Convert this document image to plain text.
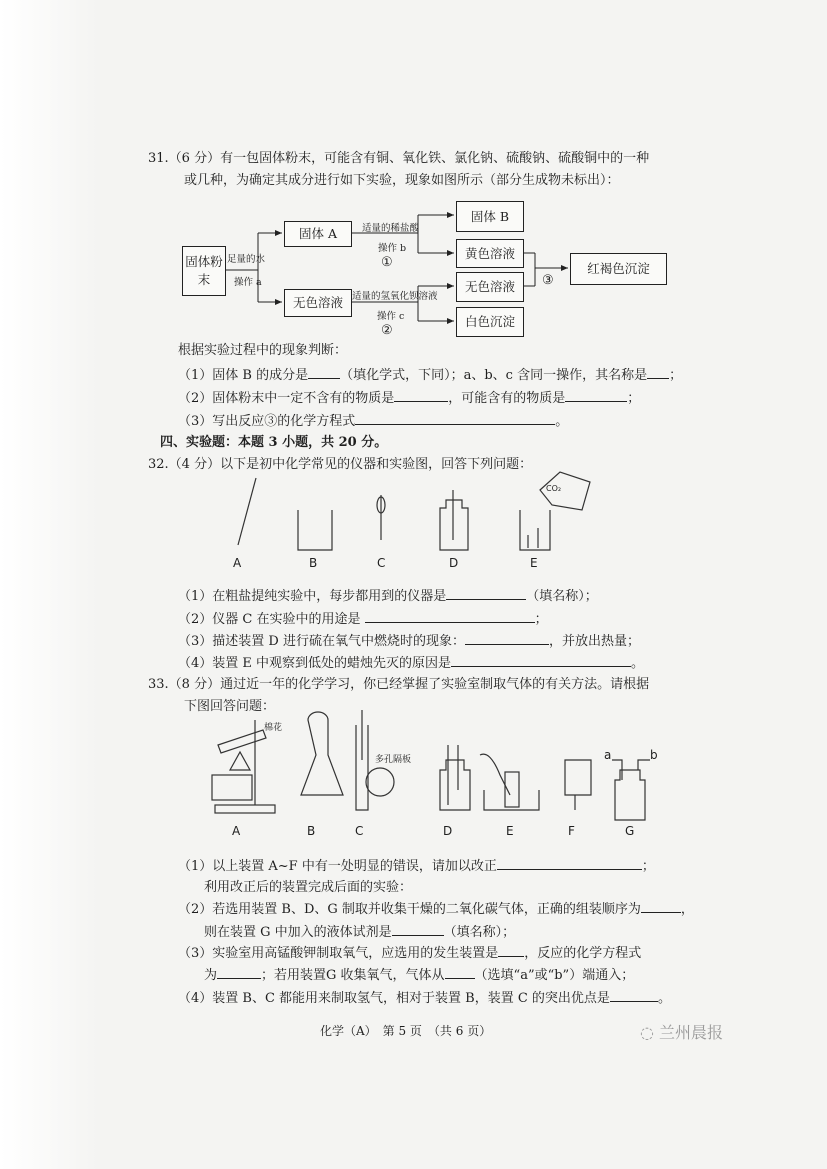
31.（6 分）有一包固体粉末，可能含有铜、氧化铁、氯化钠、硫酸钠、硫酸铜中的一种
或几种，为确定其成分进行如下实验，现象如图所示（部分生成物未标出）：
固体粉末
足量的水
操作 a
固体 A
无色溶液
适量的稀盐酸
操作 b
①
适量的氢氧化钡溶液
操作 c
②
固体 B
黄色溶液
无色溶液
白色沉淀
③
红褐色沉淀
根据实验过程中的现象判断：
（1）固体 B 的成分是 （填化学式，下同）；a、b、c 含同一操作，其名称是 ；
（2）固体粉末中一定不含有的物质是	，可能含有的物质是	；
（3）写出反应③的化学方程式	。
四、实验题：本题 3 小题，共 20 分。
32.（4 分）以下是初中化学常见的仪器和实验图，回答下列问题：
CO₂
A	B	C	D	E
（1）在粗盐提纯实验中，每步都用到的仪器是	（填名称）；
（2）仪器 C 在实验中的用途是	；
（3）描述装置 D 进行硫在氧气中燃烧时的现象：	，并放出热量；
（4）装置 E 中观察到低处的蜡烛先灭的原因是	。
33.（8 分）通过近一年的化学学习，你已经掌握了实验室制取气体的有关方法。请根据
下图回答问题：
棉花
多孔隔板	a	b
A	B	C	D	E	F	G
（1）以上装置 A~F 中有一处明显的错误，请加以改正	；
利用改正后的装置完成后面的实验：
（2）若选用装置 B、D、G 制取并收集干燥的二氧化碳气体，正确的组装顺序为	，
则在装置 G 中加入的液体试剂是	（填名称）；
（3）实验室用高锰酸钾制取氧气，应选用的发生装置是 ，反应的化学方程式
为	；若用装置G 收集氧气，气体从 （选填“a”或“b”）端通入；
（4）装置 B、C 都能用来制取氢气，相对于装置 B，装置 C 的突出优点是	。
化学（A）　第 5 页　（共 6 页）	◌ 兰州晨报
